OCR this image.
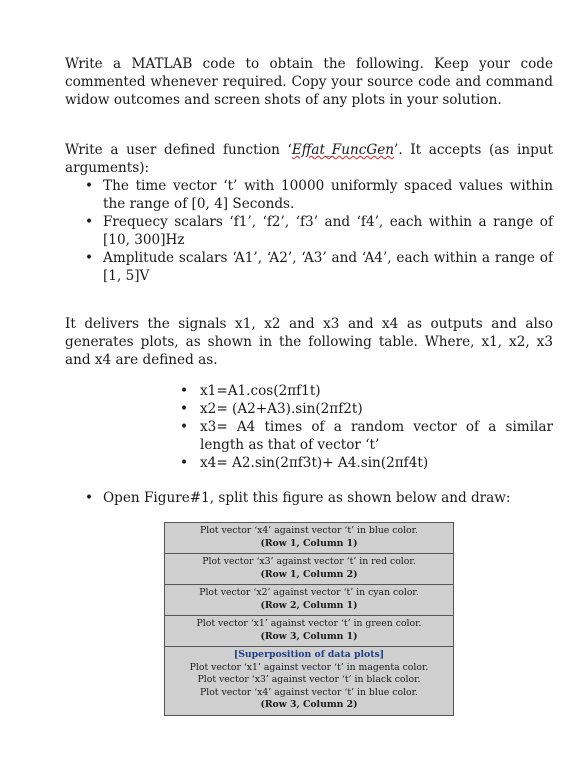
Write a MATLAB code to obtain the following. Keep your code commented whenever required. Copy your source code and command widow outcomes and screen shots of any plots in your solution.

Write a user defined function ‘Effat_FuncGen’. It accepts (as input arguments):

• The time vector ‘t’ with 10000 uniformly spaced values within the range of [0, 4] Seconds.
• Frequecy scalars ‘f1’, ‘f2’, ‘f3’ and ‘f4’, each within a range of [10, 300]Hz
• Amplitude scalars ‘A1’, ‘A2’, ‘A3’ and ‘A4’, each within a range of [1, 5]V

It delivers the signals x1, x2 and x3 and x4 as outputs and also generates plots, as shown in the following table. Where, x1, x2, x3 and x4 are defined as.

• x1=A1.cos(2πf1t)
• x2= (A2+A3).sin(2πf2t)
• x3= A4 times of a random vector of a similar length as that of vector ‘t’
• x4= A2.sin(2πf3t)+ A4.sin(2πf4t)
• Open Figure#1, split this figure as shown below and draw:
Plot vector ‘x4’ against vector ‘t’ in blue color.
(Row 1, Column 1)
Plot vector ‘x3’ against vector ‘t’ in red color.
(Row 1, Column 2)
Plot vector ‘x2’ against vector ‘t’ in cyan color.
(Row 2, Column 1)
Plot vector ‘x1’ against vector ‘t’ in green color.
(Row 3, Column 1)
[Superposition of data plots]
Plot vector ‘x1’ against vector ‘t’ in magenta color.
Plot vector ‘x3’ against vector ‘t’ in black color.
Plot vector ‘x4’ against vector ‘t’ in blue color.
(Row 3, Column 2)
